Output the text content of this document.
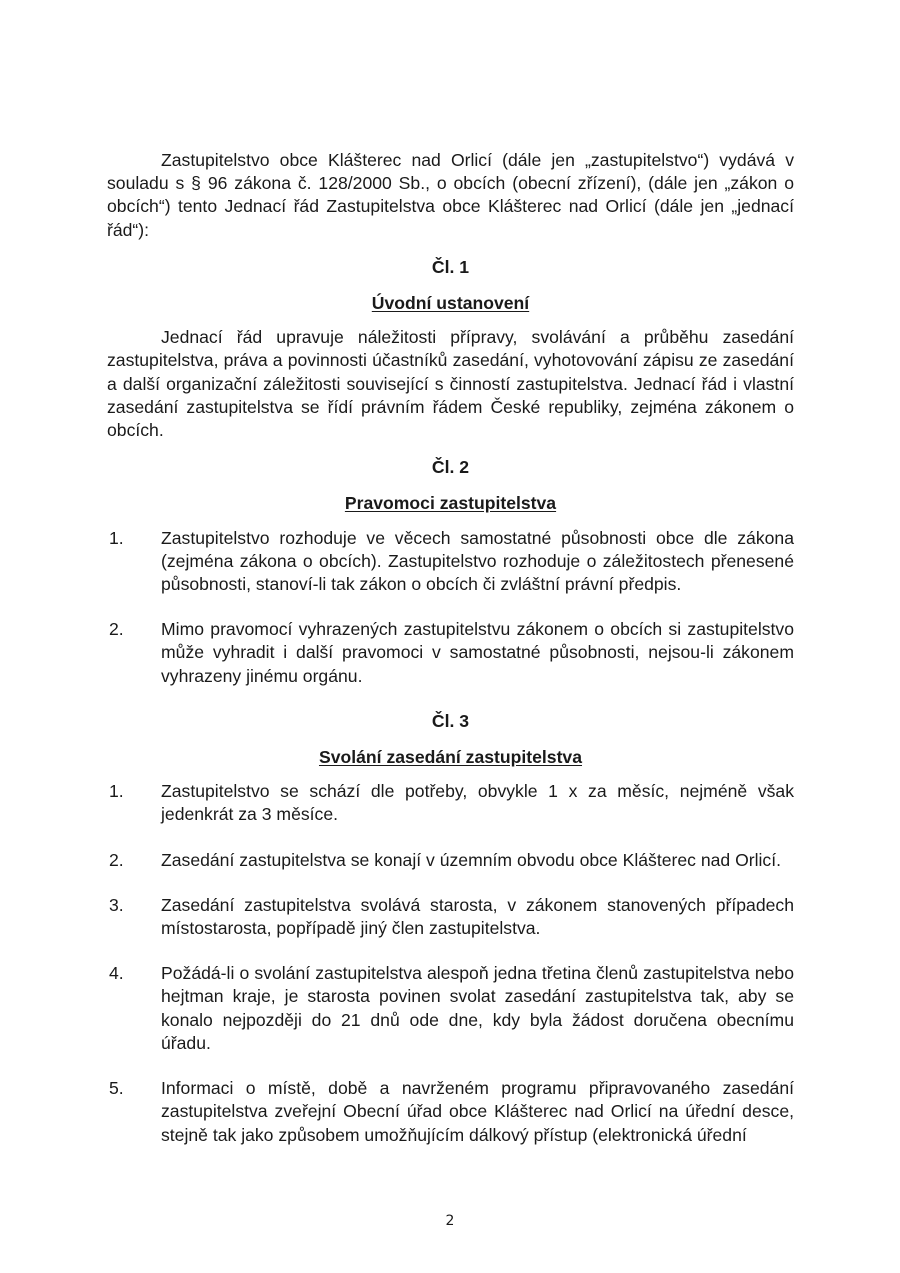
Zastupitelstvo obce Klášterec nad Orlicí (dále jen „zastupitelstvo“) vydává v souladu s § 96 zákona č. 128/2000 Sb., o obcích (obecní zřízení), (dále jen „zákon o obcích“) tento Jednací řád Zastupitelstva obce Klášterec nad Orlicí (dále jen „jednací řád“):

Čl. 1

Úvodní ustanovení

Jednací řád upravuje náležitosti přípravy, svolávání a průběhu zasedání zastupitelstva, práva a povinnosti účastníků zasedání, vyhotovování zápisu ze zasedání a další organizační záležitosti související s činností zastupitelstva. Jednací řád i vlastní zasedání zastupitelstva se řídí právním řádem České republiky, zejména zákonem o obcích.

Čl. 2

Pravomoci zastupitelstva

1.	Zastupitelstvo rozhoduje ve věcech samostatné působnosti obce dle zákona (zejména zákona o obcích). Zastupitelstvo rozhoduje o záležitostech přenesené působnosti, stanoví-li tak zákon o obcích či zvláštní právní předpis.
2.	Mimo pravomocí vyhrazených zastupitelstvu zákonem o obcích si zastupitelstvo může vyhradit i další pravomoci v samostatné působnosti, nejsou-li zákonem vyhrazeny jinému orgánu.

Čl. 3

Svolání zasedání zastupitelstva

1.	Zastupitelstvo se schází dle potřeby, obvykle 1 x za měsíc, nejméně však jedenkrát za 3 měsíce.
2.	Zasedání zastupitelstva se konají v územním obvodu obce Klášterec nad Orlicí.
3.	Zasedání zastupitelstva svolává starosta, v zákonem stanovených případech místostarosta, popřípadě jiný člen zastupitelstva.
4.	Požádá-li o svolání zastupitelstva alespoň jedna třetina členů zastupitelstva nebo hejtman kraje, je starosta povinen svolat zasedání zastupitelstva tak, aby se konalo nejpozději do 21 dnů ode dne, kdy byla žádost doručena obecnímu úřadu.
5.	Informaci o místě, době a navrženém programu připravovaného zasedání zastupitelstva zveřejní Obecní úřad obce Klášterec nad Orlicí na úřední desce, stejně tak jako způsobem umožňujícím dálkový přístup (elektronická úřední
2
